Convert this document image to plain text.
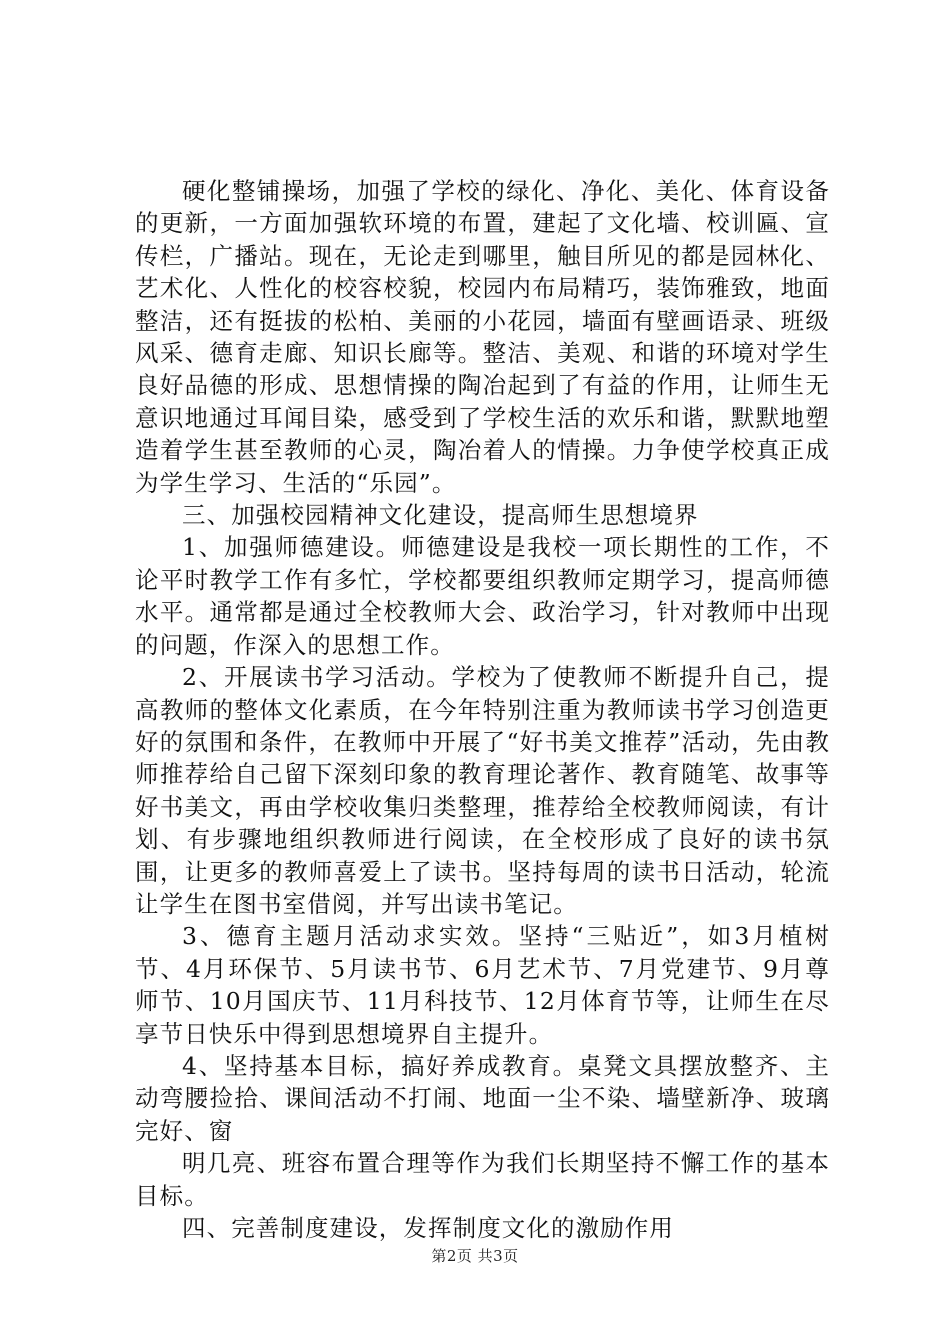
硬化整铺操场，加强了学校的绿化、净化、美化、体育设备的更新，一方面加强软环境的布置，建起了文化墙、校训匾、宣传栏，广播站。现在，无论走到哪里，触目所见的都是园林化、艺术化、人性化的校容校貌，校园内布局精巧，装饰雅致，地面整洁，还有挺拔的松柏、美丽的小花园，墙面有壁画语录、班级风采、德育走廊、知识长廊等。整洁、美观、和谐的环境对学生良好品德的形成、思想情操的陶冶起到了有益的作用，让师生无意识地通过耳闻目染，感受到了学校生活的欢乐和谐，默默地塑造着学生甚至教师的心灵，陶冶着人的情操。力争使学校真正成为学生学习、生活的“乐园”。

三、加强校园精神文化建设，提高师生思想境界

1、加强师德建设。师德建设是我校一项长期性的工作，不论平时教学工作有多忙，学校都要组织教师定期学习，提高师德水平。通常都是通过全校教师大会、政治学习，针对教师中出现的问题，作深入的思想工作。

2、开展读书学习活动。学校为了使教师不断提升自己，提高教师的整体文化素质，在今年特别注重为教师读书学习创造更好的氛围和条件，在教师中开展了“好书美文推荐”活动，先由教师推荐给自己留下深刻印象的教育理论著作、教育随笔、故事等好书美文，再由学校收集归类整理，推荐给全校教师阅读，有计划、有步骤地组织教师进行阅读，在全校形成了良好的读书氛围，让更多的教师喜爱上了读书。坚持每周的读书日活动，轮流让学生在图书室借阅，并写出读书笔记。

3、德育主题月活动求实效。坚持“三贴近”，如3月植树节、4月环保节、5月读书节、6月艺术节、7月党建节、9月尊师节、10月国庆节、11月科技节、12月体育节等，让师生在尽享节日快乐中得到思想境界自主提升。

4、坚持基本目标，搞好养成教育。桌凳文具摆放整齐、主动弯腰捡拾、课间活动不打闹、地面一尘不染、墙壁新净、玻璃完好、窗

明几亮、班容布置合理等作为我们长期坚持不懈工作的基本目标。

四、完善制度建设，发挥制度文化的激励作用

第2页 共3页
